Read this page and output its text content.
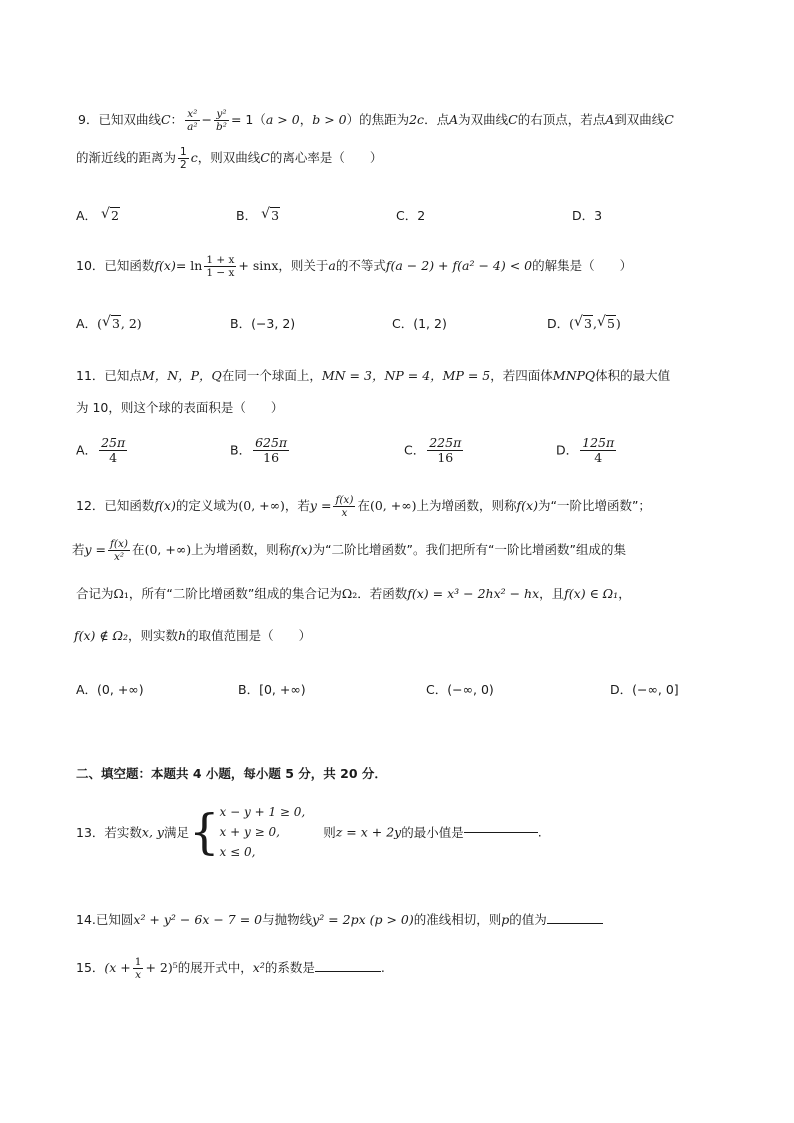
9．已知双曲线C： $\frac{\text{x²}}{\text{a²}} - \frac{\text{y²}}{\text{b²}} = 1(a > 0$，b > 0）的焦距为2c．点A为双曲线C的右顶点，若点A到双曲线C
的渐近线的距离为 $\frac{1}{2}$ c，则双曲线C的离心率是（　　）
A． √ 2	B． √ 3	C．2	D．3
10．已知函数$f(x)= \ln \frac{1 + x}{1 - x} + \sin x$，则关于a的不等式f(a − 2) + f(a² − 4) < 0的解集是（　　）
A．( √ 3, 2)	B．(−3, 2)	C．(1, 2)	D．( √ 3, √ 5)
11．已知点M，N，P，Q在同一个球面上，MN = 3，NP = 4，MP = 5，若四面体MNPQ体积的最大值
为 10，则这个球的表面积是（　　）
A． $\frac{25\pi}{4}$	B． $\frac{625\pi}{16}$	C． $\frac{225\pi}{16}$	D． $\frac{125\pi}{4}$
12．已知函数f(x)的定义域为(0, +∞)，若$y = \frac{f(x)}{x}$ 在(0, +∞)上为增函数，则称f(x)为“一阶比增函数”；
若$y = \frac{f(x)}{\text{x²}}$ 在(0, +∞)上为增函数，则称f(x)为“二阶比增函数”。我们把所有“一阶比增函数”组成的集
合记为Ω₁，所有“二阶比增函数”组成的集合记为Ω₂．若函数f(x) = x³ − 2hx² − hx，且f(x) ∈ Ω₁，
f(x) ∉ Ω₂，则实数h的取值范围是（　　）
A．(0, +∞)	B．[0, +∞)	C．(−∞, 0)	D．(−∞, 0]
二、填空题：本题共 4 小题，每小题 5 分，共 20 分．
13．若实数x, y满足{ x − y + 1 ≥ 0,
x + y ≥ 0,
x ≤ 0,
则z = x + 2y的最小值是	.
14.已知圆x² + y² − 6x − 7 = 0与抛物线y² = 2px (p > 0)的准线相切，则p的值为
15．$(x + \frac{1}{x} + 2)^5$的展开式中，x²的系数是	.
